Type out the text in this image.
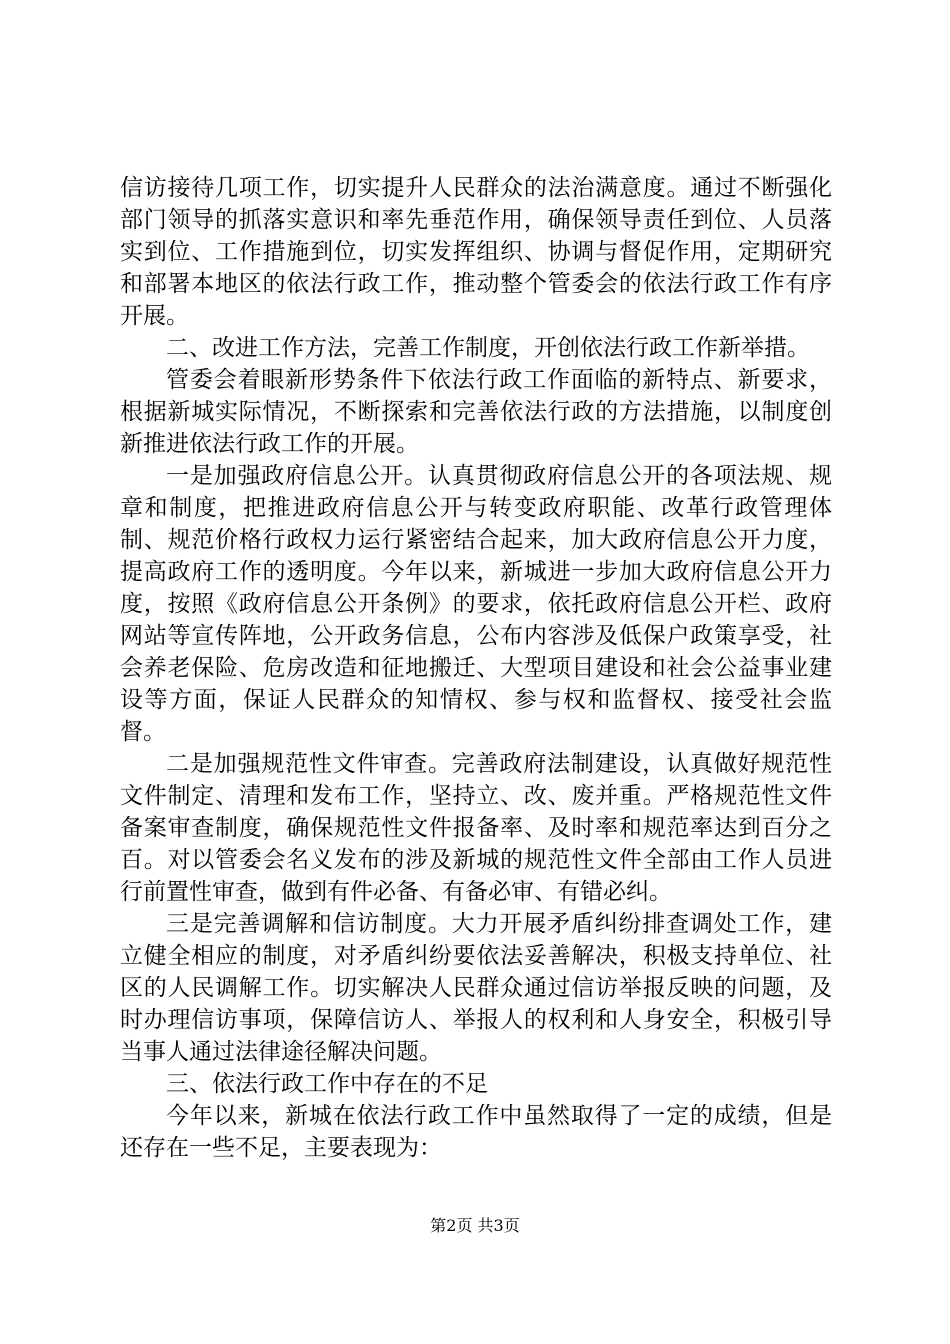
信访接待几项工作，切实提升人民群众的法治满意度。通过不断强化部门领导的抓落实意识和率先垂范作用，确保领导责任到位、人员落实到位、工作措施到位，切实发挥组织、协调与督促作用，定期研究和部署本地区的依法行政工作，推动整个管委会的依法行政工作有序开展。

二、改进工作方法，完善工作制度，开创依法行政工作新举措。

管委会着眼新形势条件下依法行政工作面临的新特点、新要求，根据新城实际情况，不断探索和完善依法行政的方法措施，以制度创新推进依法行政工作的开展。

一是加强政府信息公开。认真贯彻政府信息公开的各项法规、规章和制度，把推进政府信息公开与转变政府职能、改革行政管理体制、规范价格行政权力运行紧密结合起来，加大政府信息公开力度，提高政府工作的透明度。今年以来，新城进一步加大政府信息公开力度，按照《政府信息公开条例》的要求，依托政府信息公开栏、政府网站等宣传阵地，公开政务信息，公布内容涉及低保户政策享受，社会养老保险、危房改造和征地搬迁、大型项目建设和社会公益事业建设等方面，保证人民群众的知情权、参与权和监督权、接受社会监督。

二是加强规范性文件审查。完善政府法制建设，认真做好规范性文件制定、清理和发布工作，坚持立、改、废并重。严格规范性文件备案审查制度，确保规范性文件报备率、及时率和规范率达到百分之百。对以管委会名义发布的涉及新城的规范性文件全部由工作人员进行前置性审查，做到有件必备、有备必审、有错必纠。

三是完善调解和信访制度。大力开展矛盾纠纷排查调处工作，建立健全相应的制度，对矛盾纠纷要依法妥善解决，积极支持单位、社区的人民调解工作。切实解决人民群众通过信访举报反映的问题，及时办理信访事项，保障信访人、举报人的权利和人身安全，积极引导当事人通过法律途径解决问题。

三、依法行政工作中存在的不足

今年以来，新城在依法行政工作中虽然取得了一定的成绩，但是还存在一些不足，主要表现为：

第2页 共3页
